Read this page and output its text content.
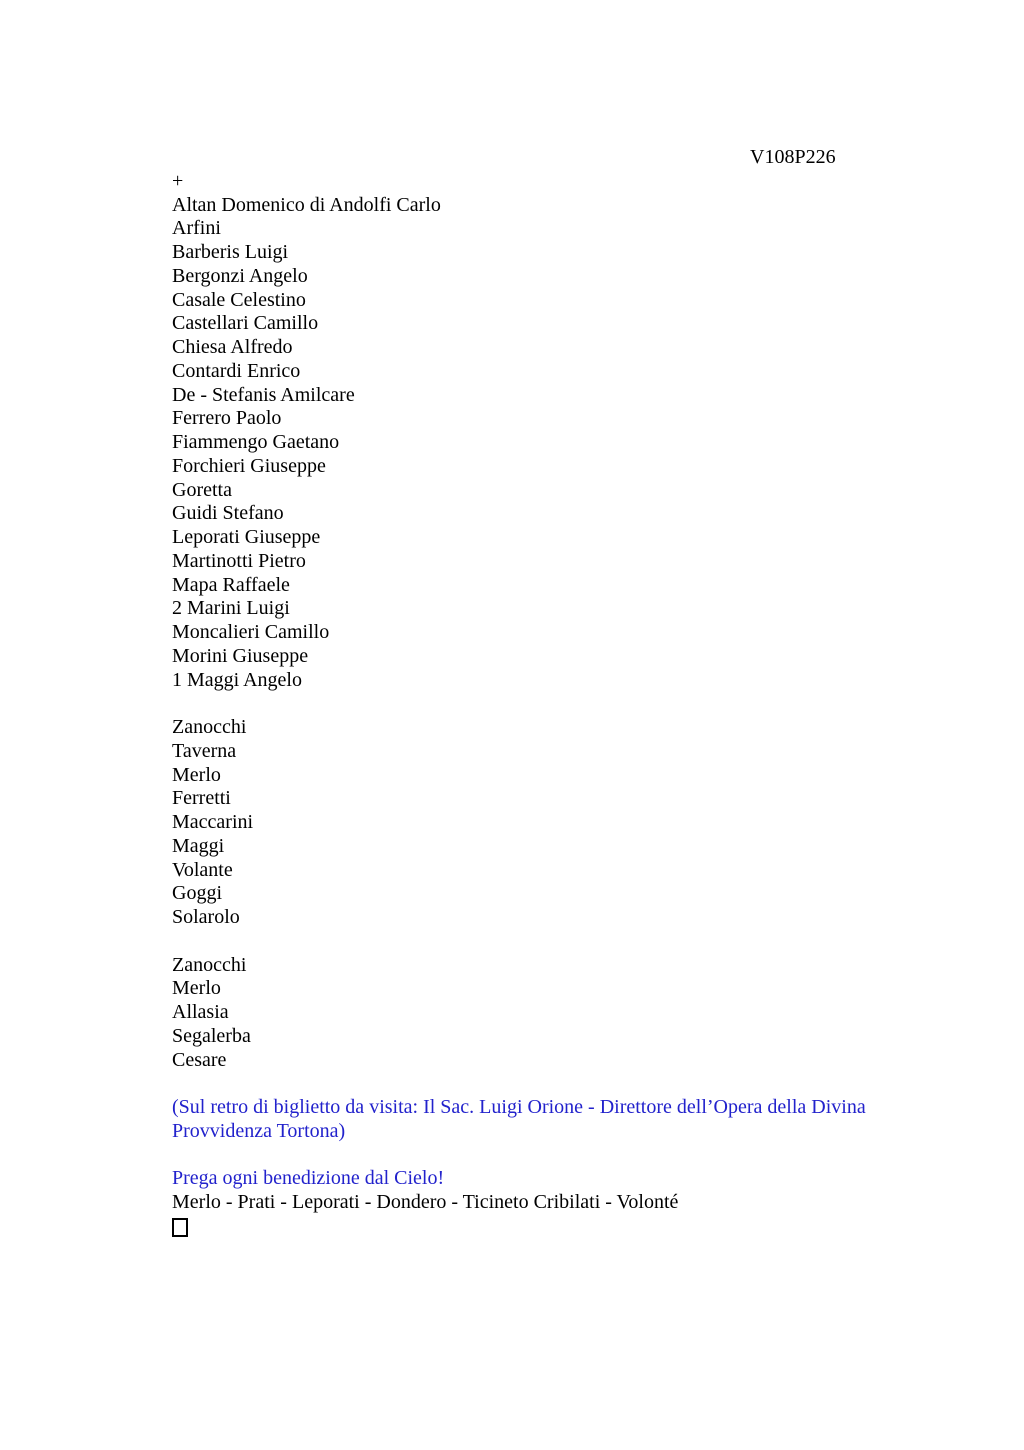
V108P226
+
Altan Domenico di Andolfi Carlo
Arfini
Barberis Luigi
Bergonzi Angelo
Casale Celestino
Castellari Camillo
Chiesa Alfredo
Contardi Enrico
De - Stefanis Amilcare
Ferrero Paolo
Fiammengo Gaetano
Forchieri Giuseppe
Goretta
Guidi Stefano
Leporati Giuseppe
Martinotti Pietro
Mapa Raffaele
2 Marini Luigi
Moncalieri Camillo
Morini Giuseppe
1 Maggi Angelo
Zanocchi
Taverna
Merlo
Ferretti
Maccarini
Maggi
Volante
Goggi
Solarolo
Zanocchi
Merlo
Allasia
Segalerba
Cesare

(Sul retro di biglietto da visita: Il Sac. Luigi Orione - Direttore dell’Opera della Divina Provvidenza Tortona)

Prega ogni benedizione dal Cielo!
Merlo - Prati - Leporati - Dondero - Ticineto Cribilati - Volonté
